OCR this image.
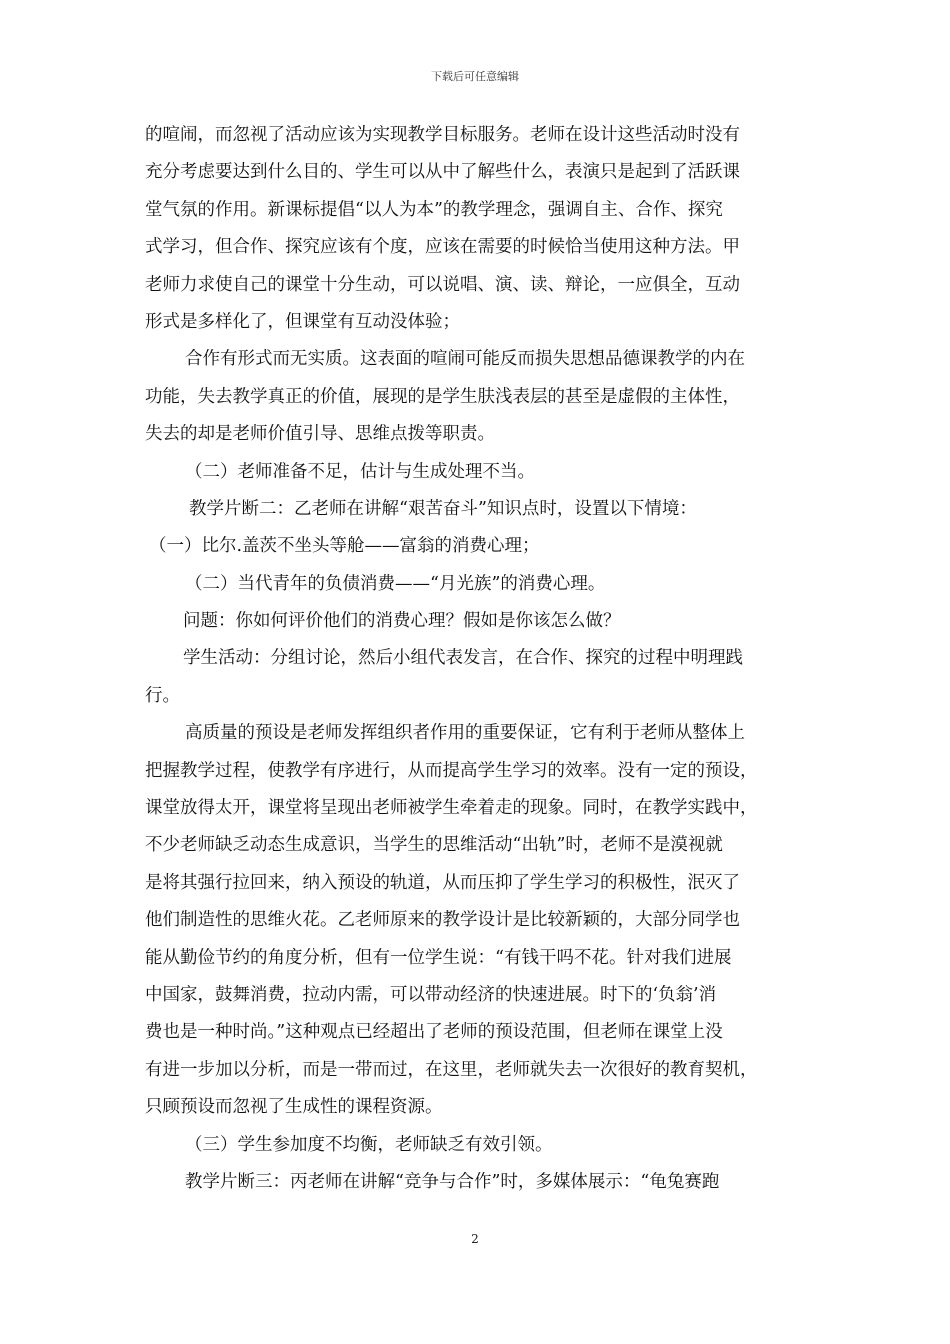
下载后可任意编辑
的喧闹，而忽视了活动应该为实现教学目标服务。老师在设计这些活动时没有
充分考虑要达到什么目的、学生可以从中了解些什么，表演只是起到了活跃课
堂气氛的作用。新课标提倡“以人为本”的教学理念，强调自主、合作、探究
式学习，但合作、探究应该有个度，应该在需要的时候恰当使用这种方法。甲
老师力求使自己的课堂十分生动，可以说唱、演、读、辩论，一应俱全，互动
形式是多样化了，但课堂有互动没体验；
合作有形式而无实质。这表面的喧闹可能反而损失思想品德课教学的内在
功能，失去教学真正的价值，展现的是学生肤浅表层的甚至是虚假的主体性，
失去的却是老师价值引导、思维点拨等职责。
（二）老师准备不足，估计与生成处理不当。
教学片断二：乙老师在讲解“艰苦奋斗”知识点时，设置以下情境：
（一）比尔.盖茨不坐头等舱——富翁的消费心理；
（二）当代青年的负债消费——“月光族”的消费心理。
问题：你如何评价他们的消费心理？假如是你该怎么做？
学生活动：分组讨论，然后小组代表发言，在合作、探究的过程中明理践
行。
高质量的预设是老师发挥组织者作用的重要保证，它有利于老师从整体上
把握教学过程，使教学有序进行，从而提高学生学习的效率。没有一定的预设，
课堂放得太开，课堂将呈现出老师被学生牵着走的现象。同时，在教学实践中，
不少老师缺乏动态生成意识，当学生的思维活动“出轨”时，老师不是漠视就
是将其强行拉回来，纳入预设的轨道，从而压抑了学生学习的积极性，泯灭了
他们制造性的思维火花。乙老师原来的教学设计是比较新颖的，大部分同学也
能从勤俭节约的角度分析，但有一位学生说：“有钱干吗不花。针对我们进展
中国家，鼓舞消费，拉动内需，可以带动经济的快速进展。时下的‘负翁’消
费也是一种时尚。”这种观点已经超出了老师的预设范围，但老师在课堂上没
有进一步加以分析，而是一带而过，在这里，老师就失去一次很好的教育契机，
只顾预设而忽视了生成性的课程资源。
（三）学生参加度不均衡，老师缺乏有效引领。
教学片断三：丙老师在讲解“竞争与合作”时，多媒体展示：“龟兔赛跑
2
